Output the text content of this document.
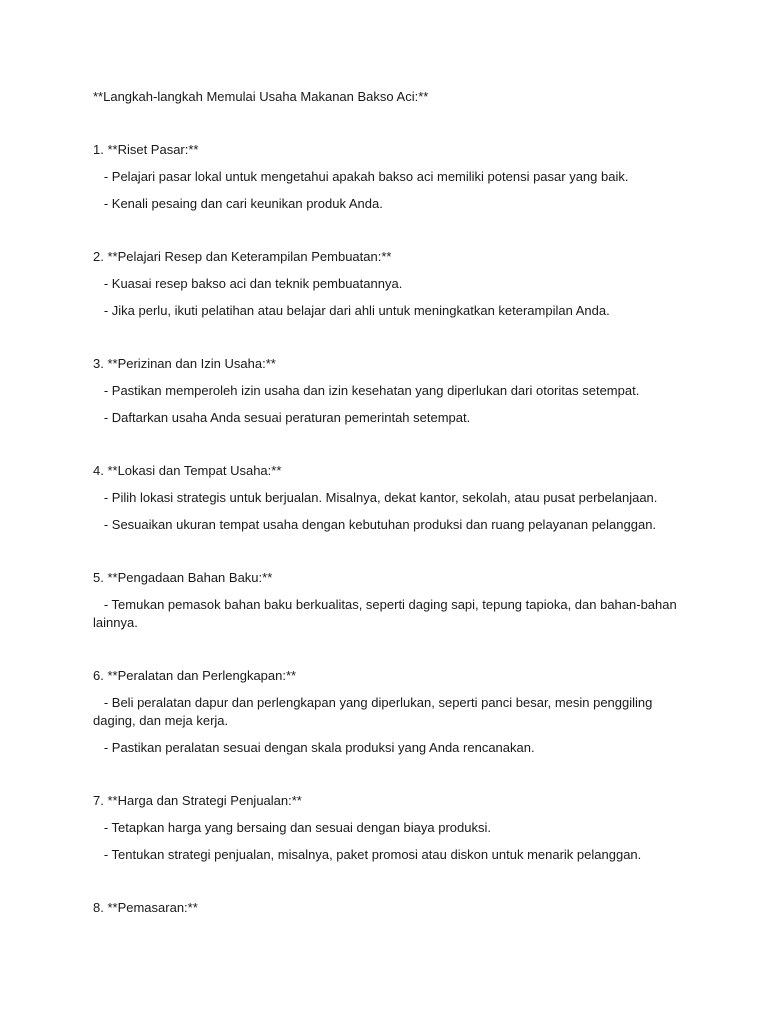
**Langkah-langkah Memulai Usaha Makanan Bakso Aci:**

1. **Riset Pasar:**

- Pelajari pasar lokal untuk mengetahui apakah bakso aci memiliki potensi pasar yang baik.

- Kenali pesaing dan cari keunikan produk Anda.

2. **Pelajari Resep dan Keterampilan Pembuatan:**

- Kuasai resep bakso aci dan teknik pembuatannya.

- Jika perlu, ikuti pelatihan atau belajar dari ahli untuk meningkatkan keterampilan Anda.

3. **Perizinan dan Izin Usaha:**

- Pastikan memperoleh izin usaha dan izin kesehatan yang diperlukan dari otoritas setempat.

- Daftarkan usaha Anda sesuai peraturan pemerintah setempat.

4. **Lokasi dan Tempat Usaha:**

- Pilih lokasi strategis untuk berjualan. Misalnya, dekat kantor, sekolah, atau pusat perbelanjaan.

- Sesuaikan ukuran tempat usaha dengan kebutuhan produksi dan ruang pelayanan pelanggan.

5. **Pengadaan Bahan Baku:**

- Temukan pemasok bahan baku berkualitas, seperti daging sapi, tepung tapioka, dan bahan-bahan lainnya.

6. **Peralatan dan Perlengkapan:**

- Beli peralatan dapur dan perlengkapan yang diperlukan, seperti panci besar, mesin penggiling daging, dan meja kerja.

- Pastikan peralatan sesuai dengan skala produksi yang Anda rencanakan.

7. **Harga dan Strategi Penjualan:**

- Tetapkan harga yang bersaing dan sesuai dengan biaya produksi.

- Tentukan strategi penjualan, misalnya, paket promosi atau diskon untuk menarik pelanggan.

8. **Pemasaran:**
